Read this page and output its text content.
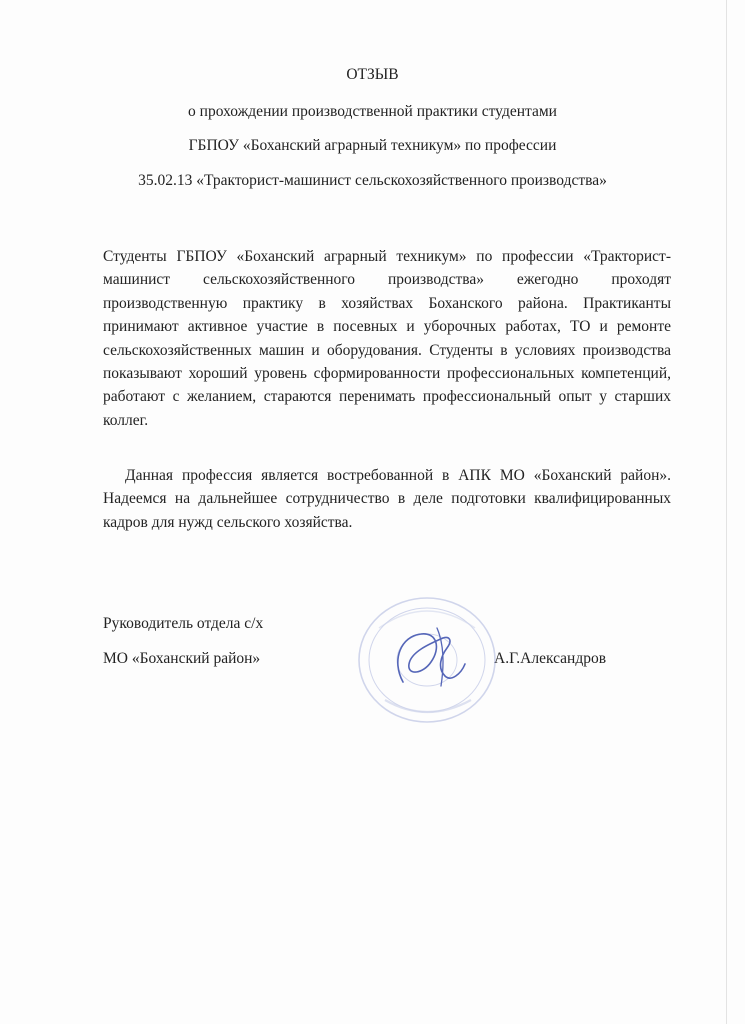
ОТЗЫВ
о прохождении производственной практики студентами
ГБПОУ «Боханский аграрный техникум» по профессии
35.02.13 «Тракторист-машинист сельскохозяйственного производства»

Студенты ГБПОУ «Боханский аграрный техникум» по профессии «Тракторист-машинист сельскохозяйственного производства» ежегодно проходят производственную практику в хозяйствах Боханского района. Практиканты принимают активное участие в посевных и уборочных работах, ТО и ремонте сельскохозяйственных машин и оборудования. Студенты в условиях производства показывают хороший уровень сформированности профессиональных компетенций, работают с желанием, стараются перенимать профессиональный опыт у старших коллег.

Данная профессия является востребованной в АПК МО «Боханский район». Надеемся на дальнейшее сотрудничество в деле подготовки квалифицированных кадров для нужд сельского хозяйства.

Руководитель отдела с/х
МО «Боханский район»	А.Г.Александров
